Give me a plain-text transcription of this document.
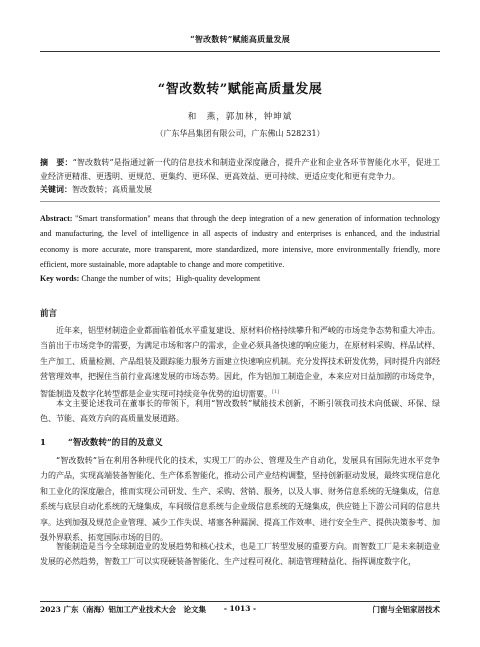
“智改数转”赋能高质量发展
“智改数转”赋能高质量发展
和　燕，郭加林，钟坤斌
（广东华昌集团有限公司，广东佛山 528231）
摘　要：“智改数转”是指通过新一代的信息技术和制造业深度融合，提升产业和企业各环节智能化水平，促进工业经济更精准、更透明、更规范、更集约、更环保、更高效益、更可持续、更适应变化和更有竞争力。
关键词：智改数转；高质量发展
Abstract: "Smart transformation" means that through the deep integration of a new generation of information technology and manufacturing, the level of intelligence in all aspects of industry and enterprises is enhanced, and the industrial economy is more accurate, more transparent, more standardized, more intensive, more environmentally friendly, more efficient, more sustainable, more adaptable to change and more competitive.
Key words: Change the number of wits；High-quality development
前言
近年来，铝型材制造企业都面临着低水平重复建设、原材料价格持续攀升和严峻的市场竞争态势和重大冲击。当前出于市场竞争的需要，为满足市场和客户的需求，企业必须具备快速的响应能力，在原材料采购、样品试样、生产加工、质量检测、产品组装及跟踪能力服务方面建立快速响应机制。充分发挥技术研发优势，同时提升内部经营管理效率，把握住当前行业高速发展的市场态势。因此，作为铝加工制造企业，本来应对日益加剧的市场竞争，智能制造及数字化转型都是企业实现可持续竞争优势的迫切需要。[1]
本文主要论述我司在董事长的带领下，利用“智改数转”赋能技术创新，不断引领我司技术向低碳、环保、绿色、节能、高效方向的高质量发展道路。
1	“智改数转”的目的及意义
“智改数转”旨在利用各种现代化的技术，实现工厂的办公、管理及生产自动化，发展具有国际先进水平竞争力的产品，实现高端装备智能化、生产体系智能化，推动公司产业结构调整，坚持创新驱动发展，最终实现信息化和工业化的深度融合，推而实现公司研发、生产、采购、营销、服务，以及人事、财务信息系统的无缝集成，信息系统与底层自动化系统的无缝集成，车间级信息系统与企业级信息系统的无缝集成，供应链上下游公司间的信息共享。达到加强及规范企业管理、减少工作失误、堵塞各种漏洞、提高工作效率、进行安全生产、提供决策参考、加强外界联系、拓宽国际市场的目的。
智能制造是当今全球制造业的发展趋势和核心技术，也是工厂转型发展的重要方向。而智数工厂是未来制造业发展的必然趋势，智数工厂可以实现硬装备智能化、生产过程可视化、制造管理精益化、指挥调度数字化，
2023 广东（南海）铝加工产业技术大会　论文集	- 1013 -	门窗与全铝家居技术
